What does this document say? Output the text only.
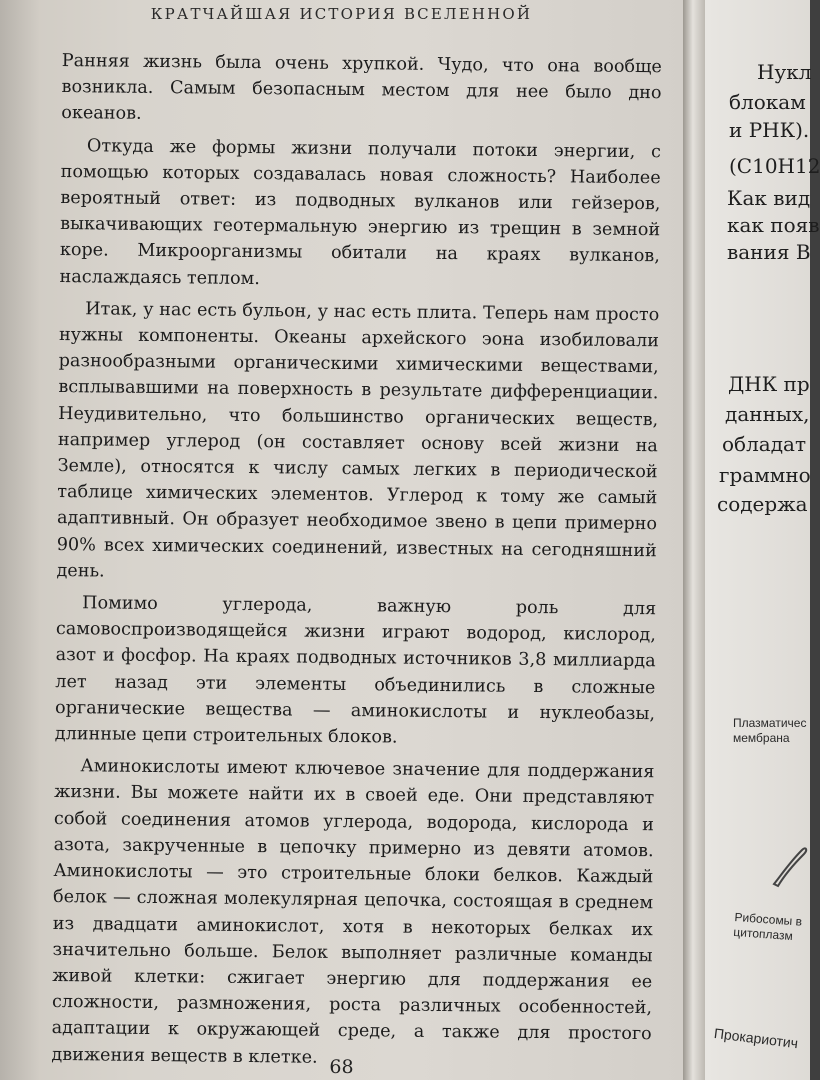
КРАТЧАЙШАЯ ИСТОРИЯ ВСЕЛЕННОЙ

Ранняя жизнь была очень хрупкой. Чудо, что она вообще возникла. Самым безопасным местом для нее было дно океанов.

Откуда же формы жизни получали потоки энергии, с помощью которых создавалась новая сложность? Наиболее вероятный ответ: из подводных вулканов или гейзеров, выкачивающих геотермальную энергию из трещин в земной коре. Микроорганизмы обитали на краях вулканов, наслаждаясь теплом.

Итак, у нас есть бульон, у нас есть плита. Теперь нам просто нужны компоненты. Океаны архейского эона изобиловали разнообразными органическими химическими веществами, всплывавшими на поверхность в результате дифференциации. Неудивительно, что большинство органических веществ, например углерод (он составляет основу всей жизни на Земле), относятся к числу самых легких в периодической таблице химических элементов. Углерод к тому же самый адаптивный. Он образует необходимое звено в цепи примерно 90% всех химических соединений, известных на сегодняшний день.

Помимо углерода, важную роль для самовоспроизводящейся жизни играют водород, кислород, азот и фосфор. На краях подводных источников 3,8 миллиарда лет назад эти элементы объединились в сложные органические вещества — аминокислоты и нуклеобазы, длинные цепи строительных блоков.

Аминокислоты имеют ключевое значение для поддержания жизни. Вы можете найти их в своей еде. Они представляют собой соединения атомов углерода, водорода, кислорода и азота, закрученные в цепочку примерно из девяти атомов. Аминокислоты — это строительные блоки белков. Каждый белок — сложная молекулярная цепочка, состоящая в среднем из двадцати аминокислот, хотя в некоторых белках их значительно больше. Белок выполняет различные команды живой клетки: сжигает энергию для поддержания ее сложности, размножения, роста различных особенностей, адаптации к окружающей среде, а также для простого движения веществ в клетке. 68
Нукл
блокам
и РНК).
(C10H12
Как вид
как появ
вания В
ДНК пр
данных,
обладат
граммно
содержа
Плазматичес мембрана
Рибосомы в цитоплазм
Прокариотич
